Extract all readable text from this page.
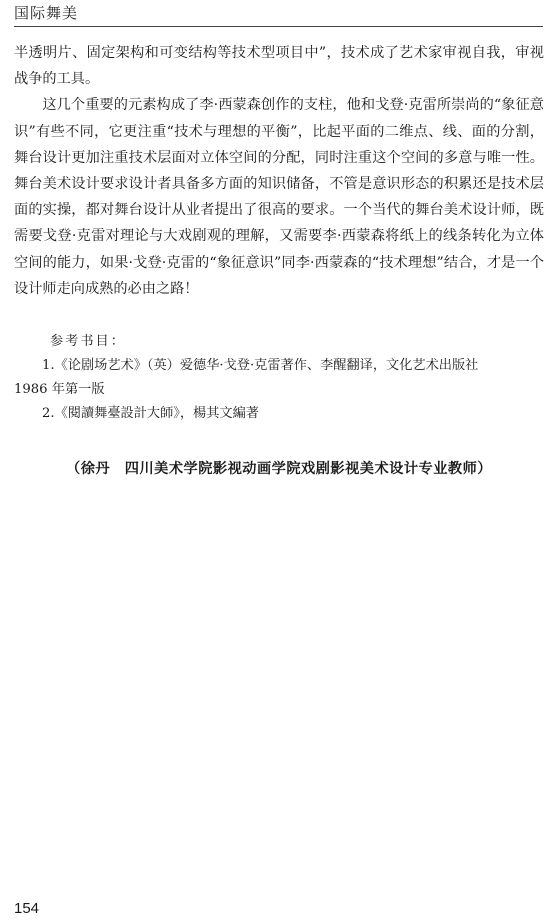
国际舞美

半透明片、固定架构和可变结构等技术型项目中”，技术成了艺术家审视自我，审视战争的工具。

这几个重要的元素构成了李·西蒙森创作的支柱，他和戈登·克雷所崇尚的“象征意识”有些不同，它更注重“技术与理想的平衡”，比起平面的二维点、线、面的分割，舞台设计更加注重技术层面对立体空间的分配，同时注重这个空间的多意与唯一性。舞台美术设计要求设计者具备多方面的知识储备，不管是意识形态的积累还是技术层面的实操，都对舞台设计从业者提出了很高的要求。一个当代的舞台美术设计师，既需要戈登·克雷对理论与大戏剧观的理解，又需要李·西蒙森将纸上的线条转化为立体空间的能力，如果·戈登·克雷的“象征意识”同李·西蒙森的“技术理想”结合，才是一个设计师走向成熟的必由之路！

参考书目：
1.《论剧场艺术》（英）爱德华·戈登·克雷著作、李醒翻译，文化艺术出版社
1986 年第一版
2.《閱讀舞臺設計大師》，楊其文編著
（徐丹　四川美术学院影视动画学院戏剧影视美术设计专业教师）
154
